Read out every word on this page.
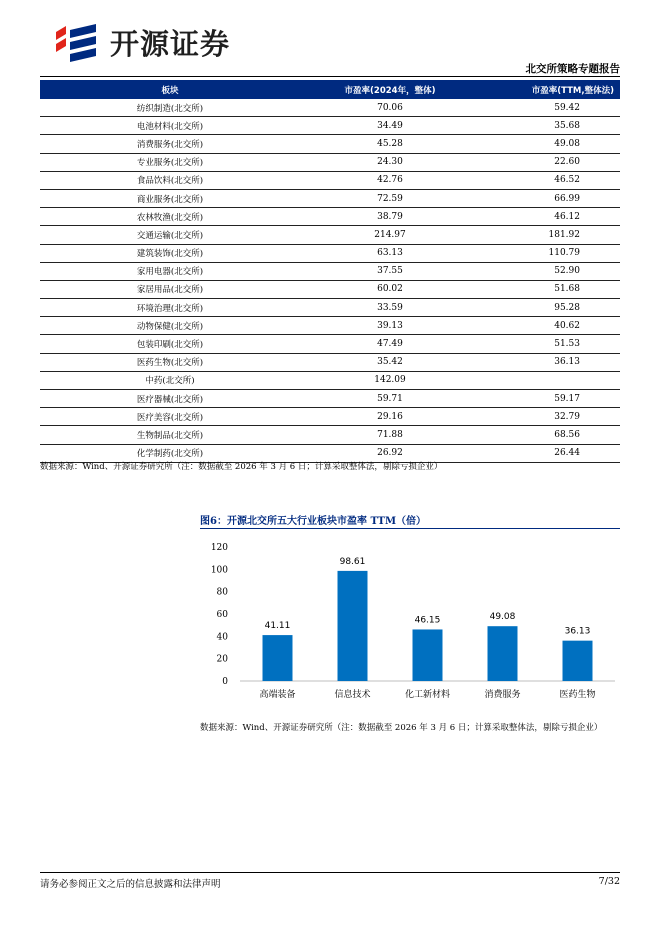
开源证券
北交所策略专题报告
板块	市盈率(2024年，整体)	市盈率(TTM,整体法)
纺织制造(北交所)	70.06	59.42
电池材料(北交所)	34.49	35.68
消费服务(北交所)	45.28	49.08
专业服务(北交所)	24.30	22.60
食品饮料(北交所)	42.76	46.52
商业服务(北交所)	72.59	66.99
农林牧渔(北交所)	38.79	46.12
交通运输(北交所)	214.97	181.92
建筑装饰(北交所)	63.13	110.79
家用电器(北交所)	37.55	52.90
家居用品(北交所)	60.02	51.68
环境治理(北交所)	33.59	95.28
动物保健(北交所)	39.13	40.62
包装印刷(北交所)	47.49	51.53
医药生物(北交所)	35.42	36.13
中药(北交所)	142.09	
医疗器械(北交所)	59.71	59.17
医疗美容(北交所)	29.16	32.79
生物制品(北交所)	71.88	68.56
化学制药(北交所)	26.92	26.44
数据来源：Wind、开源证券研究所（注：数据截至 2026 年 3 月 6 日；计算采取整体法，剔除亏损企业）
图6：开源北交所五大行业板块市盈率 TTM（倍）
0
20
40
60
80
100
120
41.11
高端装备
98.61
信息技术
46.15
化工新材料
49.08
消费服务
36.13
医药生物
数据来源：Wind、开源证券研究所（注：数据截至 2026 年 3 月 6 日；计算采取整体法，剔除亏损企业）
请务必参阅正文之后的信息披露和法律声明	7/32
